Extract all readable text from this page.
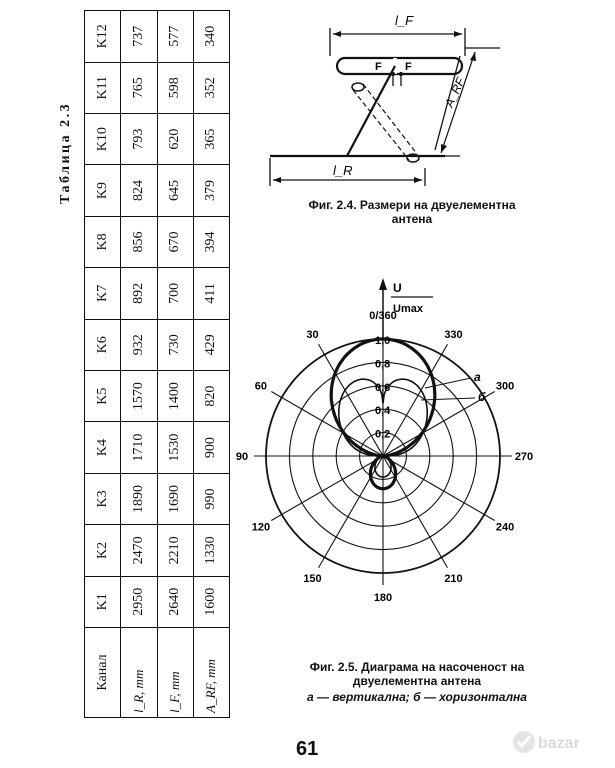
Таблица 2.3
Канал	K1	K2	K3	K4	K5	K6	K7	K8	K9	K10	K11	K12
l_R, mm	2950	2470	1890	1710	1570	932	892	856	824	793	765	737
l_F, mm	2640	2210	1690	1530	1400	730	700	670	645	620	598	577
A_RF, mm	1600	1330	990	900	820	429	411	394	379	365	352	340
l_F
F F
A_RF
l_R
Фиг. 2.4. Размери на двуелементна
антена
U
Umax
0,2
0,4
0,6
0,8
1,0
0/360
30
60
90
120
150
180
210
240
270
300
330
а
б
Фиг. 2.5. Диаграма на насоченост на
двуелементна антена
а — вертикална; б — хоризонтална
61	bazar
